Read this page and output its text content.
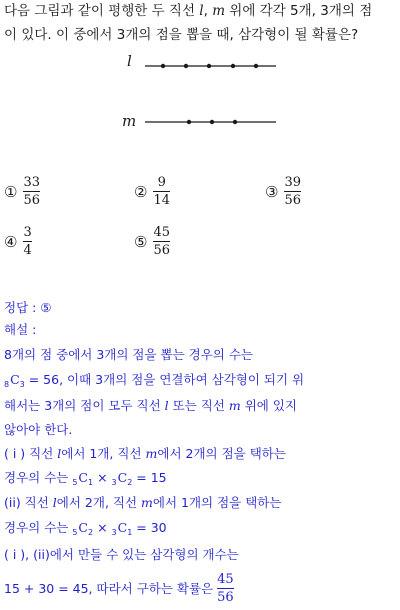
다음 그림과 같이 평행한 두 직선 l, m 위에 각각 5개, 3개의 점
이 있다. 이 중에서 3개의 점을 뽑을 때, 삼각형이 될 확률은?
l
m
① $\frac{33}{56}$	② $\frac{9}{14}$	③ $\frac{39}{56}$
④ $\frac{3}{4}$	⑤ $\frac{45}{56}$
정답 : ⑤
해설 :
8개의 점 중에서 3개의 점을 뽑는 경우의 수는
$_8C_3 = 56$, 이때 3개의 점을 연결하여 삼각형이 되기 위
해서는 3개의 점이 모두 직선 l 또는 직선 m 위에 있지
않아야 한다.
( i ) 직선 l에서 1개, 직선 m에서 2개의 점을 택하는
경우의 수는 $_5C_1 \times _3C_2 = 15$
(ii) 직선 l에서 2개, 직선 m에서 1개의 점을 택하는
경우의 수는 $_5C_2 \times _3C_1 = 30$
( i ), (ii)에서 만들 수 있는 삼각형의 개수는
15 + 30 = 45, 따라서 구하는 확률은 $\frac{45}{56}$
